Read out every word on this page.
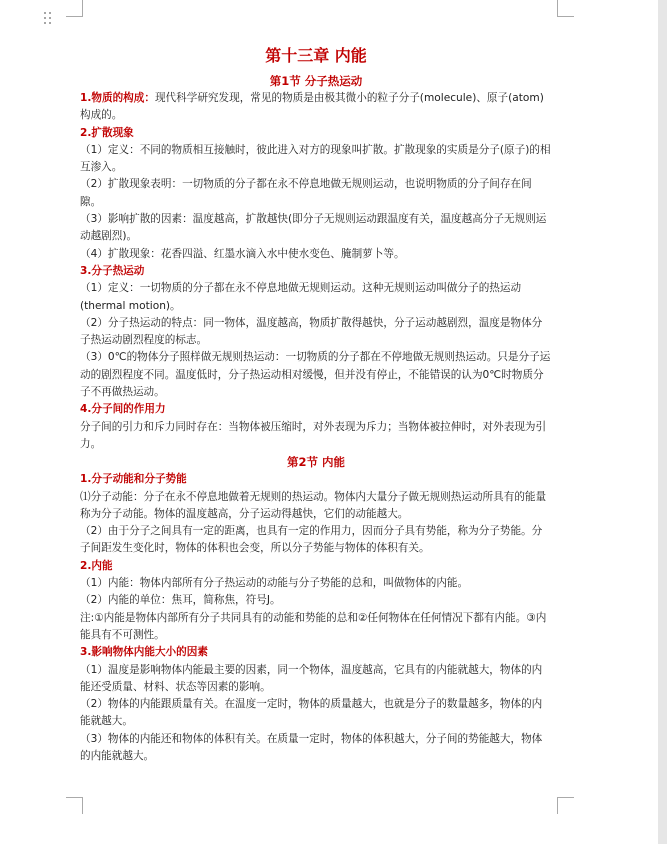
第十三章 内能
第1节 分子热运动

1.物质的构成：现代科学研究发现，常见的物质是由极其微小的粒子分子(molecule)、原子(atom)构成的。

2.扩散现象

（1）定义：不同的物质相互接触时，彼此进入对方的现象叫扩散。扩散现象的实质是分子(原子)的相互渗入。

（2）扩散现象表明：一切物质的分子都在永不停息地做无规则运动，也说明物质的分子间存在间隙。

（3）影响扩散的因素：温度越高，扩散越快(即分子无规则运动跟温度有关，温度越高分子无规则运动越剧烈)。

（4）扩散现象：花香四溢、红墨水滴入水中使水变色、腌制萝卜等。

3.分子热运动

（1）定义：一切物质的分子都在永不停息地做无规则运动。这种无规则运动叫做分子的热运动(thermal motion)。

（2）分子热运动的特点：同一物体，温度越高，物质扩散得越快，分子运动越剧烈，温度是物体分子热运动剧烈程度的标志。

（3）0℃的物体分子照样做无规则热运动：一切物质的分子都在不停地做无规则热运动。只是分子运动的剧烈程度不同。温度低时，分子热运动相对缓慢，但并没有停止，不能错误的认为0℃时物质分子不再做热运动。

4.分子间的作用力

分子间的引力和斥力同时存在：当物体被压缩时，对外表现为斥力；当物体被拉伸时，对外表现为引力。

第2节 内能

1.分子动能和分子势能

⑴分子动能：分子在永不停息地做着无规则的热运动。物体内大量分子做无规则热运动所具有的能量称为分子动能。物体的温度越高，分子运动得越快，它们的动能越大。

（2）由于分子之间具有一定的距离，也具有一定的作用力，因而分子具有势能，称为分子势能。分子间距发生变化时，物体的体积也会变，所以分子势能与物体的体积有关。

2.内能

（1）内能：物体内部所有分子热运动的动能与分子势能的总和，叫做物体的内能。

（2）内能的单位：焦耳，简称焦，符号J。

注:①内能是物体内部所有分子共同具有的动能和势能的总和②任何物体在任何情况下都有内能。③内能具有不可测性。

3.影响物体内能大小的因素

（1）温度是影响物体内能最主要的因素，同一个物体，温度越高，它具有的内能就越大，物体的内能还受质量、材料、状态等因素的影响。

（2）物体的内能跟质量有关。在温度一定时，物体的质量越大，也就是分子的数量越多，物体的内能就越大。

（3）物体的内能还和物体的体积有关。在质量一定时，物体的体积越大，分子间的势能越大，物体的内能就越大。
